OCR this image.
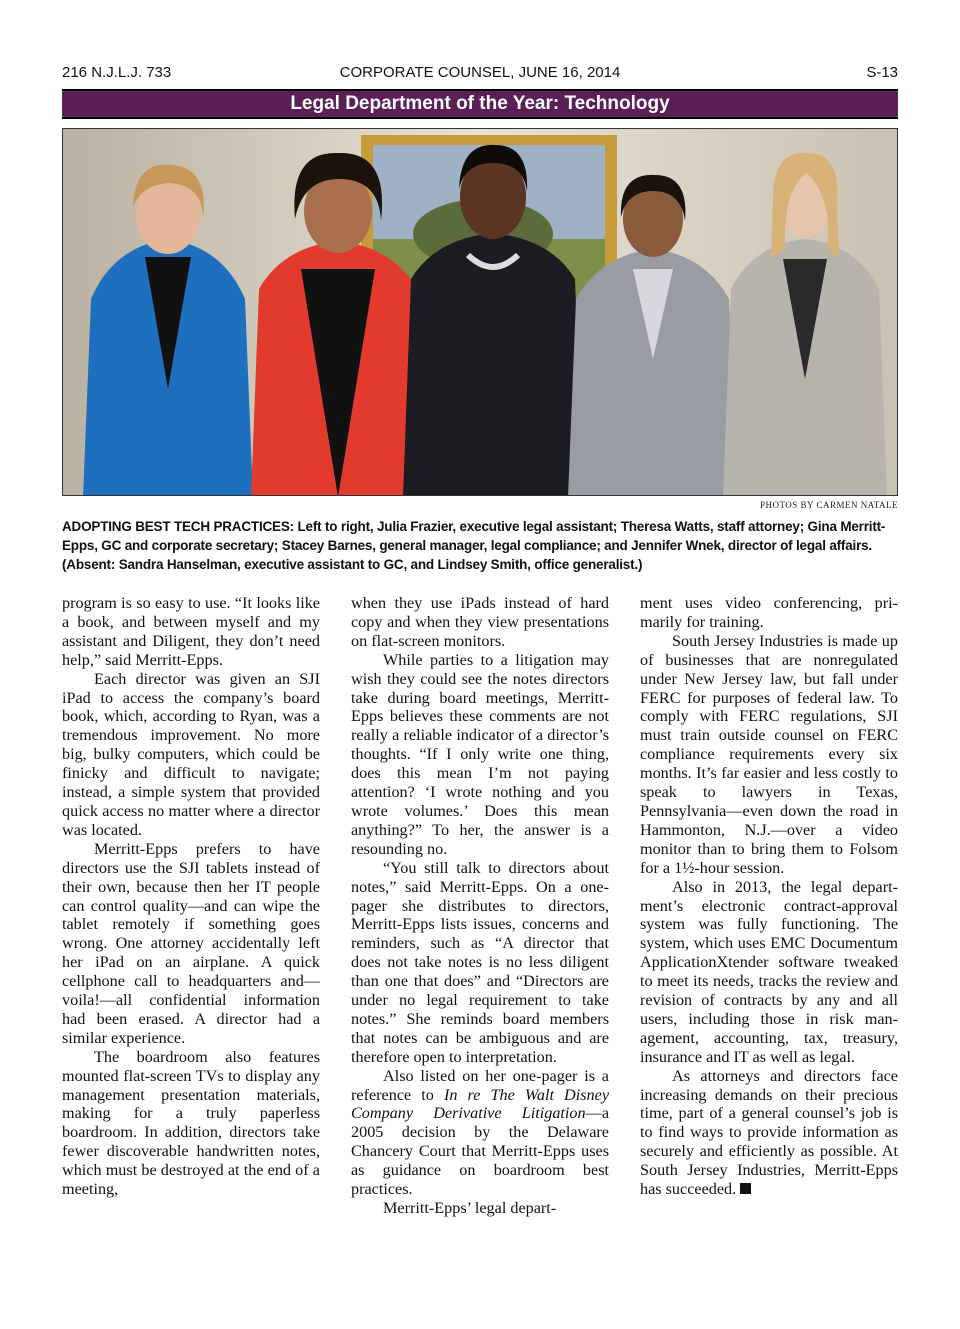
216 N.J.L.J. 733	CORPORATE COUNSEL, JUNE 16, 2014	S-13
Legal Department of the Year: Technology
PHOTOS BY CARMEN NATALE
ADOPTING BEST TECH PRACTICES: Left to right, Julia Frazier, executive legal assistant; Theresa Watts, staff attorney; Gina Merritt-Epps, GC and corporate secretary; Stacey Barnes, general manager, legal compliance; and Jennifer Wnek, director of legal affairs. (Absent: Sandra Hanselman, executive assistant to GC, and Lindsey Smith, office generalist.)

program is so easy to use. “It looks like a book, and between myself and my assistant and Diligent, they don’t need help,” said Merritt-Epps.

Each director was given an SJI iPad to access the company’s board book, which, according to Ryan, was a tremendous improvement. No more big, bulky computers, which could be finicky and difficult to navigate; instead, a simple system that provided quick access no matter where a director was located.

Merritt-Epps prefers to have directors use the SJI tablets instead of their own, because then her IT people can control quality—and can wipe the tablet remotely if something goes wrong. One attorney accidentally left her iPad on an airplane. A quick cellphone call to headquarters and—voila!—all confidential information had been erased. A director had a similar experience.

The boardroom also features mounted flat-screen TVs to display any management presentation materials, making for a truly paperless boardroom. In addition, directors take fewer discoverable handwritten notes, which must be destroyed at the end of a meeting,

when they use iPads instead of hard copy and when they view presentations on flat-screen monitors.

While parties to a litigation may wish they could see the notes directors take during board meetings, Merritt-Epps believes these comments are not really a reliable indicator of a director’s thoughts. “If I only write one thing, does this mean I’m not paying attention? ‘I wrote nothing and you wrote volumes.’ Does this mean anything?” To her, the answer is a resounding no.

“You still talk to directors about notes,” said Merritt-Epps. On a one-pager she distributes to directors, Merritt-Epps lists issues, concerns and reminders, such as “A director that does not take notes is no less diligent than one that does” and “Directors are under no legal requirement to take notes.” She reminds board members that notes can be ambiguous and are therefore open to interpretation.

Also listed on her one-pager is a reference to In re The Walt Disney Company Derivative Litigation—a 2005 decision by the Delaware Chancery Court that Merritt-Epps uses as guidance on boardroom best practices.

Merritt-Epps’ legal depart-

ment uses video conferencing, primarily for training.

South Jersey Industries is made up of businesses that are nonregulated under New Jersey law, but fall under FERC for purposes of federal law. To comply with FERC regulations, SJI must train outside counsel on FERC compliance requirements every six months. It’s far easier and less costly to speak to lawyers in Texas, Pennsylvania—even down the road in Hammonton, N.J.—over a video monitor than to bring them to Folsom for a 1½-hour session.

Also in 2013, the legal department’s electronic contract-approval system was fully functioning. The system, which uses EMC Documentum ApplicationXtender software tweaked to meet its needs, tracks the review and revision of contracts by any and all users, including those in risk management, accounting, tax, treasury, insurance and IT as well as legal.

As attorneys and directors face increasing demands on their precious time, part of a general counsel’s job is to find ways to provide information as securely and efficiently as possible. At South Jersey Industries, Merritt-Epps has succeeded.
